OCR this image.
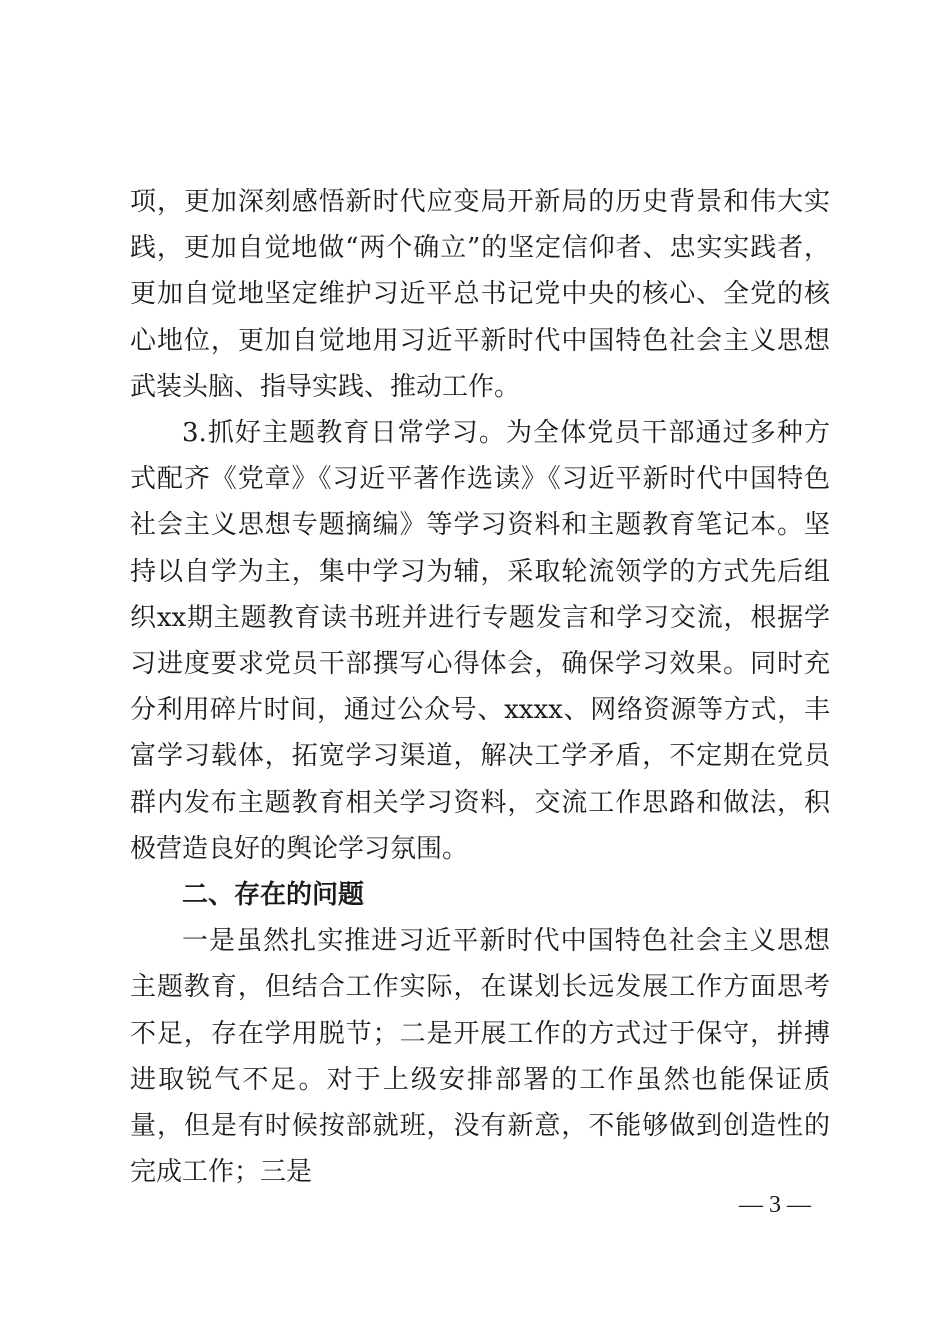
项，更加深刻感悟新时代应变局开新局的历史背景和伟大实践，更加自觉地做“两个确立”的坚定信仰者、忠实实践者，更加自觉地坚定维护习近平总书记党中央的核心、全党的核心地位，更加自觉地用习近平新时代中国特色社会主义思想武装头脑、指导实践、推动工作。

3.抓好主题教育日常学习。为全体党员干部通过多种方式配齐《党章》《习近平著作选读》《习近平新时代中国特色社会主义思想专题摘编》等学习资料和主题教育笔记本。坚持以自学为主，集中学习为辅，采取轮流领学的方式先后组织xx期主题教育读书班并进行专题发言和学习交流，根据学习进度要求党员干部撰写心得体会，确保学习效果。同时充分利用碎片时间，通过公众号、xxxx、网络资源等方式，丰富学习载体，拓宽学习渠道，解决工学矛盾，不定期在党员群内发布主题教育相关学习资料，交流工作思路和做法，积极营造良好的舆论学习氛围。

二、存在的问题

一是虽然扎实推进习近平新时代中国特色社会主义思想主题教育，但结合工作实际，在谋划长远发展工作方面思考不足，存在学用脱节；二是开展工作的方式过于保守，拼搏进取锐气不足。对于上级安排部署的工作虽然也能保证质量，但是有时候按部就班，没有新意，不能够做到创造性的完成工作；三是

— 3 —
